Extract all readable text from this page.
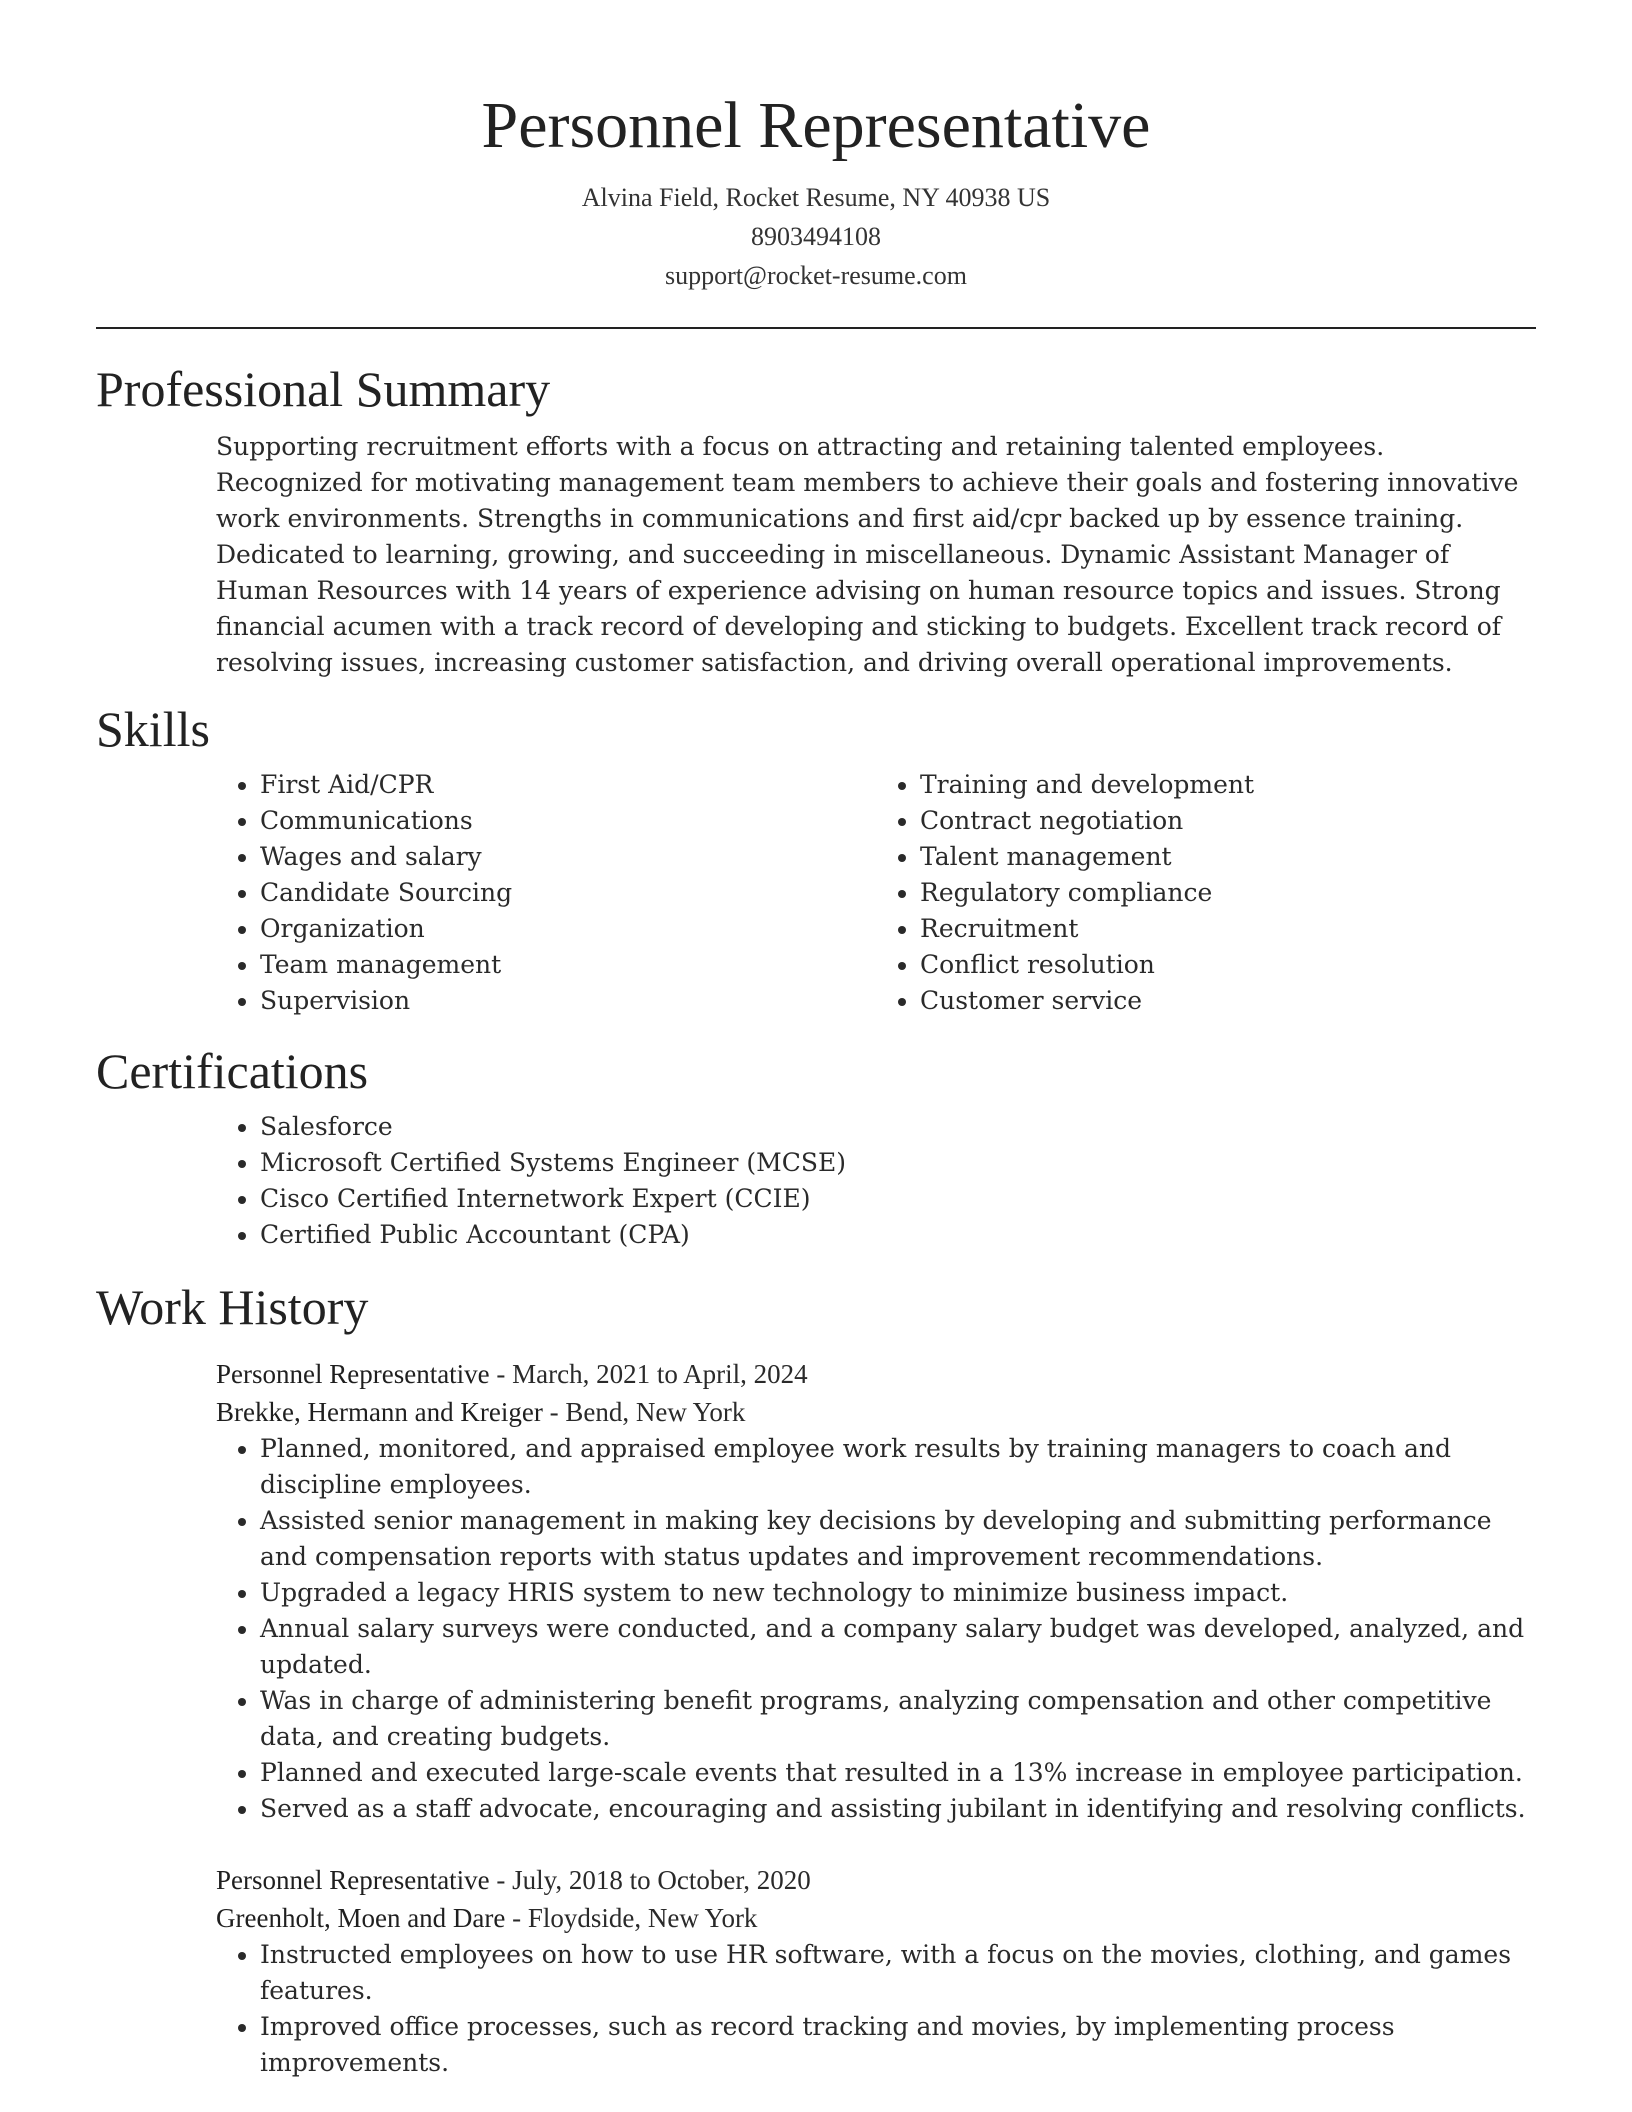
Personnel Representative
Alvina Field, Rocket Resume, NY 40938 US
8903494108
support@rocket-resume.com
Professional Summary
Supporting recruitment efforts with a focus on attracting and retaining talented employees. Recognized for motivating management team members to achieve their goals and fostering innovative work environments. Strengths in communications and first aid/cpr backed up by essence training. Dedicated to learning, growing, and succeeding in miscellaneous. Dynamic Assistant Manager of Human Resources with 14 years of experience advising on human resource topics and issues. Strong financial acumen with a track record of developing and sticking to budgets. Excellent track record of resolving issues, increasing customer satisfaction, and driving overall operational improvements.
Skills
• First Aid/CPR
• Communications
• Wages and salary
• Candidate Sourcing
• Organization
• Team management
• Supervision
• Training and development
• Contract negotiation
• Talent management
• Regulatory compliance
• Recruitment
• Conflict resolution
• Customer service
Certifications
• Salesforce
• Microsoft Certified Systems Engineer (MCSE)
• Cisco Certified Internetwork Expert (CCIE)
• Certified Public Accountant (CPA)
Work History
Personnel Representative - March, 2021 to April, 2024
Brekke, Hermann and Kreiger - Bend, New York
• Planned, monitored, and appraised employee work results by training managers to coach and discipline employees.
• Assisted senior management in making key decisions by developing and submitting performance and compensation reports with status updates and improvement recommendations.
• Upgraded a legacy HRIS system to new technology to minimize business impact.
• Annual salary surveys were conducted, and a company salary budget was developed, analyzed, and updated.
• Was in charge of administering benefit programs, analyzing compensation and other competitive data, and creating budgets.
• Planned and executed large-scale events that resulted in a 13% increase in employee participation.
• Served as a staff advocate, encouraging and assisting jubilant in identifying and resolving conflicts.
Personnel Representative - July, 2018 to October, 2020
Greenholt, Moen and Dare - Floydside, New York
• Instructed employees on how to use HR software, with a focus on the movies, clothing, and games features.
• Improved office processes, such as record tracking and movies, by implementing process improvements.
